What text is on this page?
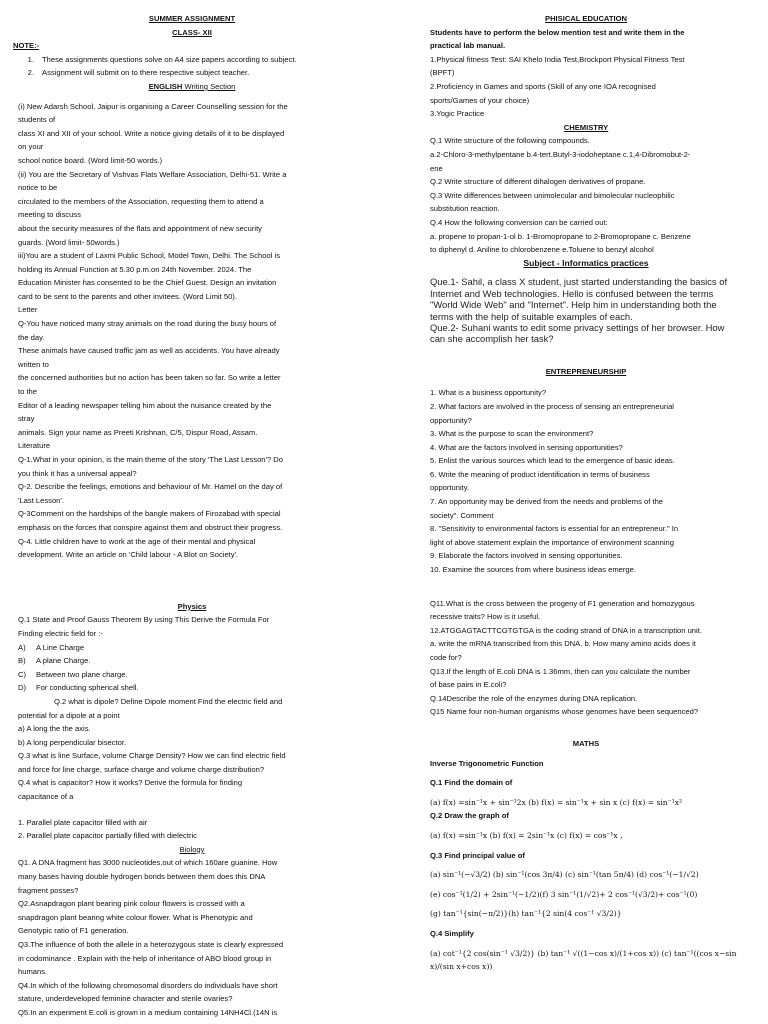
SUMMER ASSIGNMENT

CLASS- XII

NOTE:-

1. These assignments questions solve on A4 size papers according to subject.
2. Assignment will submit on to there respective subject teacher.

ENGLISH Writing Section

(i) New Adarsh School, Jaipur is organising a Career Counselling session for the

students of

class XI and XII of your school. Write a notice giving details of it to be displayed

on your

school notice board. (Word limit-50 words.)

(ii) You are the Secretary of Vishvas Flats Welfare Association, Delhi-51. Write a

notice to be

circulated to the members of the Association, requesting them to attend a

meeting to discuss

about the security measures of the flats and appointment of new security

guards. (Word limit- 50words.)

iii)You are a student of Laxmi Public School, Model Town, Delhi. The School is

holding its Annual Function at 5.30 p.m.on 24th November. 2024. The

Education Minister has consented to be the Chief Guest. Design an invitation

card to be sent to the parents and other invitees. (Word Limit 50).

Letter

Q-You have noticed many stray animals on the road during the busy hours of

the day.

These animals have caused traffic jam as well as accidents. You have already

written to

the concerned authorities but no action has been taken so far. So write a letter

to the

Editor of a leading newspaper telling him about the nuisance created by the

stray

animals. Sign your name as Preeti Krishnan, C/5, Dispur Road, Assam.

Literature

Q-1.What in your opinion, is the main theme of the story 'The Last Lesson'? Do

you think it has a universal appeal?

Q-2. Describe the feelings, emotions and behaviour of Mr. Hamel on the day of

'Last Lesson'.

Q-3Comment on the hardships of the bangle makers of Firozabad with special

emphasis on the forces that conspire against them and obstruct their progress.

Q-4. Little children have to work at the age of their mental and physical

development. Write an article on 'Child labour - A Blot on Society'.

Physics

Q.1 State and Proof Gauss Theorem By using This Derive the Formula For

Finding electric field for :-

A)	A Line Charge
B)	A plane Charge.
C)	Between two plane charge.
D)	For conducting spherical shell.

Q.2 what is dipole? Define Dipole moment Find the electric field and

potential for a dipole at a point

a) A long the the axis.

b) A long perpendicular bisector.

Q.3 what is line Surface, volume Charge Density? How we can find electric field

and force for line charge, surface charge and volume charge distribution?

Q.4 what is capacitor? How it works? Derive the formula for finding

capacitance of a

1. Parallel plate capacitor filled with air

2. Parallel plate capacitor partially filled with dielectric

Biology

Q1. A DNA fragment has 3000 nucleotides,out of which 160are guanine. How

many bases having double hydrogen bonds between them does this DNA

fragment posses?

Q2.Asnapdragon plant bearing pink colour flowers is crossed with a

snapdragon plant bearing white colour flower. What is Phenotypic and

Genotypic ratio of F1 generation.

Q3.The influence of both the allele in a heterozygous state is clearly expressed

in codominance . Explain with the help of inheritance of ABO blood group in

humans.

Q4.In which of the following chromosomal disorders do individuals have short

stature, underdeveloped feminine character and sterile ovaries?

Q5.In an experiment E.coli is grown in a medium containing 14NH4Cl.(14N is

PHISICAL EDUCATION

Students have to perform the below mention test and write them in the

practical lab manual.

1.Physical fitness Test: SAI Khelo India Test,Brockport Physical Fitness Test

(BPFT)

2.Proficiency in Games and sports (Skill of any one IOA recognised

sports/Games of your choice)

3.Yogic Practice

CHEMISTRY

Q.1 Write structure of the following compounds.

a.2-Chloro-3-methylpentane b.4-tert.Butyl-3-iodoheptane c.1,4-Dibromobut-2-

ene

Q.2 Write structure of different dihalogen derivatives of propane.

Q.3 Write differences between unimolecular and bimolecular nucleophilic

substitution reaction.

Q.4 How the following conversion can be carried out:

a. propene to propan-1-ol b. 1-Bromopropane to 2-Bromopropane c. Benzene

to diphenyl d. Aniline to chlorobenzene e.Toluene to benzyl alcohol

Subject - Informatics practices

Que.1- Sahil, a class X student, just started understanding the basics of

Internet and Web technologies. Hello is confused between the terms

"World Wide Web" and "Internet". Help him in understanding both the

terms with the help of suitable examples of each.

Que.2- Suhani wants to edit some privacy settings of her browser. How

can she accomplish her task?

ENTREPRENEURSHIP

1. What is a business opportunity?

2. What factors are involved in the process of sensing an entrepreneurial

opportunity?

3. What is the purpose to scan the environment?

4. What are the factors involved in sensing opportunities?

5. Enlist the various sources which lead to the emergence of basic ideas.

6. Write the meaning of product identification in terms of business

opportunity.

7. An opportunity may be derived from the needs and problems of the

society". Comment

8. "Sensitivity to environmental factors is essential for an entrepreneur." In

light of above statement explain the importance of environment scanning

9. Elaborate the factors involved in sensing opportunities.

10. Examine the sources from where business ideas emerge.

Q11.What is the cross between the progeny of F1 generation and homozygous

recessive traits? How is it useful.

12.ATGGAGTACTTCGTGTGA is the coding strand of DNA in a transcription unit.

a. write the mRNA transcribed from this DNA. b. How many amino acids does it

code for?

Q13.If the length of E.coli DNA is 1.36mm, then can you calculate the number

of base pairs in E.coli?

Q.14Describe the role of the enzymes during DNA replication.

Q15 Name four non-human organisms whose genomes have been sequenced?

MATHS

Inverse Trigonometric Function

Q.1 Find the domain of

(a) f(x) =sin⁻¹x + sin⁻¹2x (b) f(x) = sin⁻¹x + sin x (c) f(x) = sin⁻¹x²

Q.2 Draw the graph of

(a) f(x) =sin⁻¹x (b) f(x) = 2sin⁻¹x (c) f(x) = cos⁻¹x ,

Q.3 Find principal value of

(a) sin⁻¹(−√3/2) (b) sin⁻¹(cos 3π/4) (c) sin⁻¹(tan 5π/4) (d) cos⁻¹(−1/√2)

(e) cos⁻¹(1/2) + 2sin⁻¹(−1/2)(f) 3 sin⁻¹(1/√2)+ 2 cos⁻¹(√3/2)+ cos⁻¹(0)

(g) tan⁻¹{sin(−π/2)}(h) tan⁻¹{2 sin(4 cos⁻¹ √3/2)}

Q.4 Simplify

(a) cot⁻¹{2 cos(sin⁻¹ √3/2)} (b) tan⁻¹ √((1−cos x)/(1+cos x)) (c) tan⁻¹((cos x−sin x)/(sin x+cos x))
